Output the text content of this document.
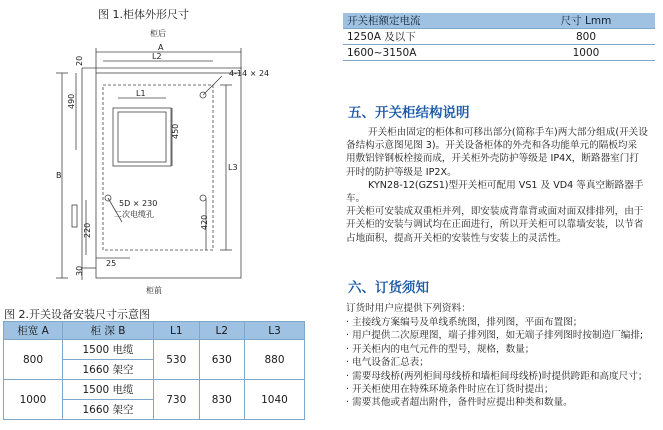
图 1.柜体外形尺寸
柜后
A
L2
L1
4-14 × 24
L3
B
490
20
450
420
220
30
25
5D × 230
二次电缆孔
柜前
图 2.开关设备安装尺寸示意图
柜宽 A	柜 深 B	L1	L2	L3
800	1500 电缆	530	630	880
	1660 架空			
1000	1500 电缆	730	830	1040
	1660 架空			
开关柜额定电流	尺寸 Lmm
1250A 及以下	800
1600~3150A	1000
五、开关柜结构说明
开关柜由固定的柜体和可移出部分(简称手车)两大部分组成(开关设
备结构示意图见图 3)。开关设备柜体的外壳和各功能单元的隔板均采
用敷铝锌钢板栓接而成，开关柜外壳防护等级是 IP4X，断路器室门打
开时的防护等级是 IP2X。
KYN28-12(GZS1)型开关柜可配用 VS1 及 VD4 等真空断路器手车。
开关柜可安装成双重柜并列，即安装成背靠背或面对面双排排列，由于
开关柜的安装与调试均在正面进行，所以开关柜可以靠墙安装，以节省
占地面积，提高开关柜的安装性与安装上的灵活性。
六、订货须知
订货时用户应提供下列资料：
· 主接线方案编号及单线系统图，排列图，平面布置图；
· 用户提供二次原理图，端子排列图，如无端子排列图时按制造厂编排;
· 开关柜内的电气元件的型号，规格，数量；
· 电气设备汇总表；
· 需要母线桥(两列柜间母线桥和墙柜间母线桥)时提供跨距和高度尺寸；
· 开关柜使用在特殊环境条件时应在订货时提出；
· 需要其他或者超出附件，备件时应提出种类和数量。
